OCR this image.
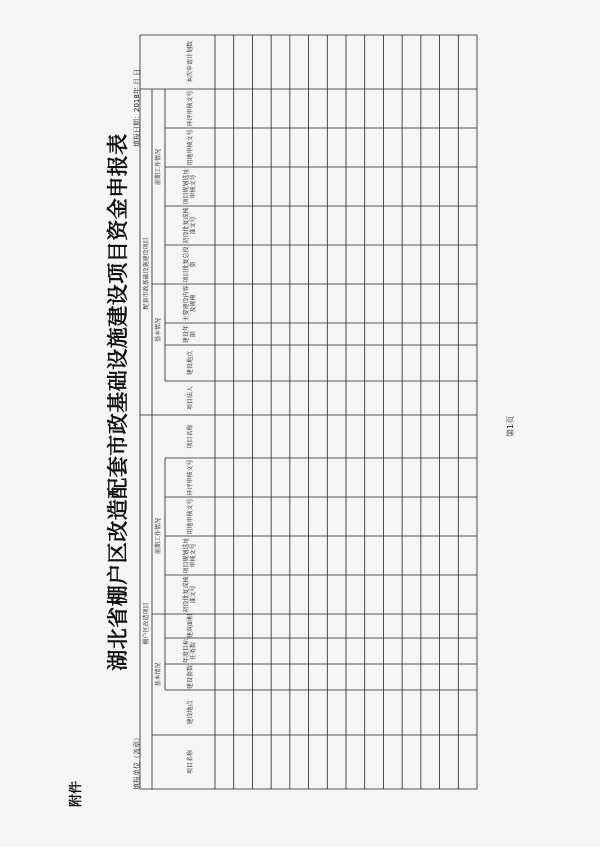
附件
湖北省棚户区改造配套市政基础设施建设项目资金申报表
填报单位（盖章）
填报日期：2018年 月 日
第1页
棚户区改造项目
配套市政基础设施建设项目
基本情况
前期工作情况
基本情况
前期工作情况
项目名称
建设地点
建设套数
年度目标任务数
建筑面积
初设批复或核准文号
项目规划选址审核文号
用地审核文号
环评审核文号
项目名称
项目法人
建设地点
建设年限
主要建设内容及规模
项目批复总投资
初设批复或核准文号
项目规划选址审核文号
用地审核文号
环评审核文号
本次申请计划数
